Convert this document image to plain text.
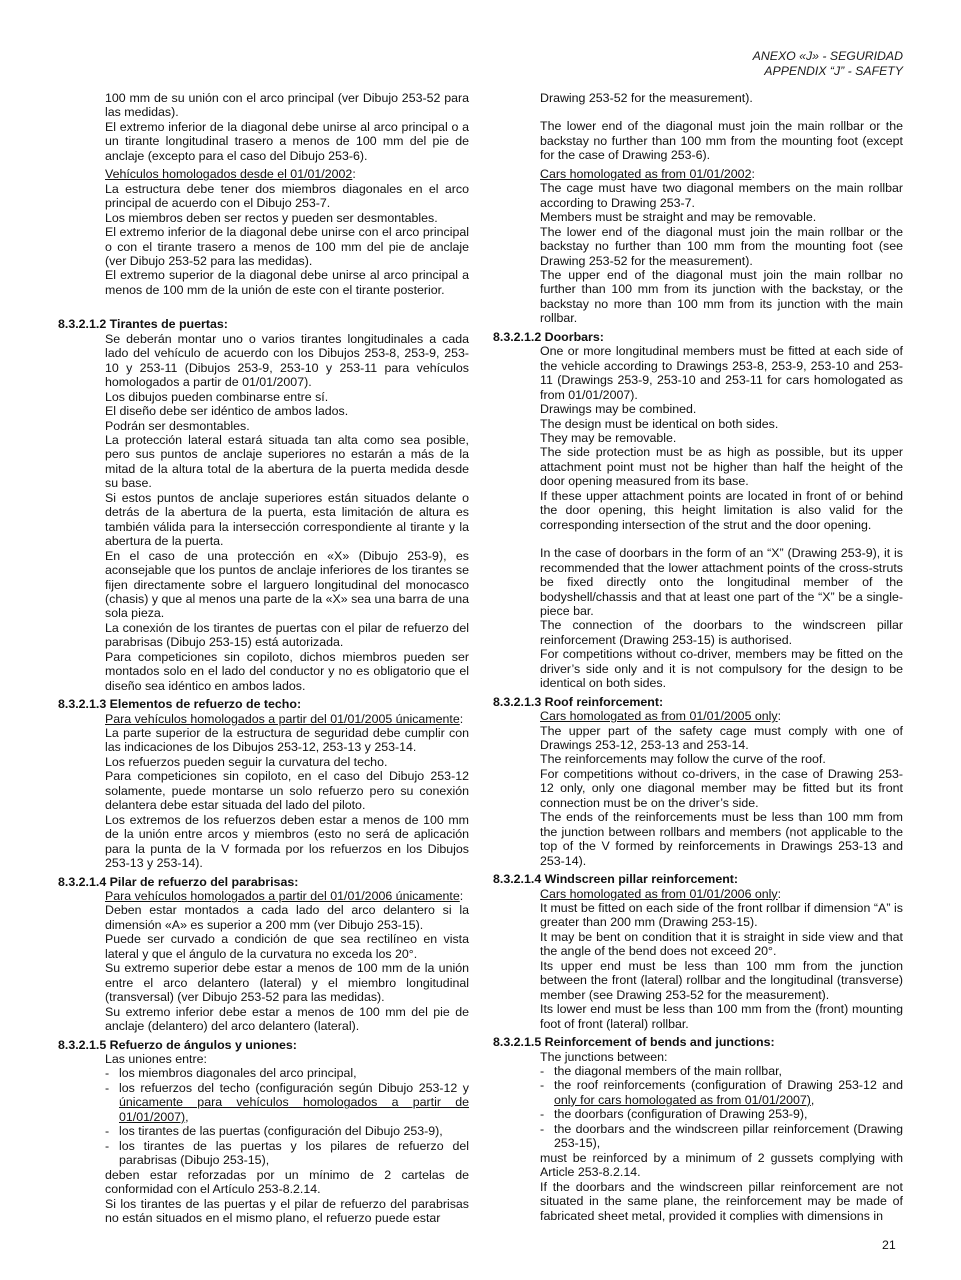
ANEXO «J» - SEGURIDAD
APPENDIX “J” - SAFETY

100 mm de su unión con el arco principal (ver Dibujo 253-52 para las medidas).

El extremo inferior de la diagonal debe unirse al arco principal o a un tirante longitudinal trasero a menos de 100 mm del pie de anclaje (excepto para el caso del Dibujo 253-6).

Vehículos homologados desde el 01/01/2002:

La estructura debe tener dos miembros diagonales en el arco principal de acuerdo con el Dibujo 253-7.

Los miembros deben ser rectos y pueden ser desmontables.

El extremo inferior de la diagonal debe unirse con el arco principal o con el tirante trasero a menos de 100 mm del pie de anclaje (ver Dibujo 253-52 para las medidas).

El extremo superior de la diagonal debe unirse al arco principal a menos de 100 mm de la unión de este con el tirante posterior.

8.3.2.1.2 Tirantes de puertas:

Se deberán montar uno o varios tirantes longitudinales a cada lado del vehículo de acuerdo con los Dibujos 253-8, 253-9, 253-10 y 253-11 (Dibujos 253-9, 253-10 y 253-11 para vehículos homologados a partir de 01/01/2007).

Los dibujos pueden combinarse entre sí.

El diseño debe ser idéntico de ambos lados.

Podrán ser desmontables.

La protección lateral estará situada tan alta como sea posible, pero sus puntos de anclaje superiores no estarán a más de la mitad de la altura total de la abertura de la puerta medida desde su base.

Si estos puntos de anclaje superiores están situados delante o detrás de la abertura de la puerta, esta limitación de altura es también válida para la intersección correspondiente al tirante y la abertura de la puerta.

En el caso de una protección en «X» (Dibujo 253-9), es aconsejable que los puntos de anclaje inferiores de los tirantes se fijen directamente sobre el larguero longitudinal del monocasco (chasis) y que al menos una parte de la «X» sea una barra de una sola pieza.

La conexión de los tirantes de puertas con el pilar de refuerzo del parabrisas (Dibujo 253-15) está autorizada.

Para competiciones sin copiloto, dichos miembros pueden ser montados solo en el lado del conductor y no es obligatorio que el diseño sea idéntico en ambos lados.

8.3.2.1.3 Elementos de refuerzo de techo:

Para vehículos homologados a partir del 01/01/2005 únicamente:

La parte superior de la estructura de seguridad debe cumplir con las indicaciones de los Dibujos 253-12, 253-13 y 253-14.

Los refuerzos pueden seguir la curvatura del techo.

Para competiciones sin copiloto, en el caso del Dibujo 253-12 solamente, puede montarse un solo refuerzo pero su conexión delantera debe estar situada del lado del piloto.

Los extremos de los refuerzos deben estar a menos de 100 mm de la unión entre arcos y miembros (esto no será de aplicación para la punta de la V formada por los refuerzos en los Dibujos 253-13 y 253-14).

8.3.2.1.4 Pilar de refuerzo del parabrisas:

Para vehículos homologados a partir del 01/01/2006 únicamente:

Deben estar montados a cada lado del arco delantero si la dimensión «A» es superior a 200 mm (ver Dibujo 253-15).

Puede ser curvado a condición de que sea rectilíneo en vista lateral y que el ángulo de la curvatura no exceda los 20°.

Su extremo superior debe estar a menos de 100 mm de la unión entre el arco delantero (lateral) y el miembro longitudinal (transversal) (ver Dibujo 253-52 para las medidas).

Su extremo inferior debe estar a menos de 100 mm del pie de anclaje (delantero) del arco delantero (lateral).

8.3.2.1.5 Refuerzo de ángulos y uniones:

Las uniones entre:

- los miembros diagonales del arco principal,

- los refuerzos del techo (configuración según Dibujo 253-12 y únicamente para vehículos homologados a partir de 01/01/2007),

- los tirantes de las puertas (configuración del Dibujo 253-9),

- los tirantes de las puertas y los pilares de refuerzo del parabrisas (Dibujo 253-15),

deben estar reforzadas por un mínimo de 2 cartelas de conformidad con el Artículo 253-8.2.14.

Si los tirantes de las puertas y el pilar de refuerzo del parabrisas no están situados en el mismo plano, el refuerzo puede estar

Drawing 253-52 for the measurement).

The lower end of the diagonal must join the main rollbar or the backstay no further than 100 mm from the mounting foot (except for the case of Drawing 253-6).

Cars homologated as from 01/01/2002:

The cage must have two diagonal members on the main rollbar according to Drawing 253-7.

Members must be straight and may be removable.

The lower end of the diagonal must join the main rollbar or the backstay no further than 100 mm from the mounting foot (see Drawing 253-52 for the measurement).

The upper end of the diagonal must join the main rollbar no further than 100 mm from its junction with the backstay, or the backstay no more than 100 mm from its junction with the main rollbar.

8.3.2.1.2 Doorbars:

One or more longitudinal members must be fitted at each side of the vehicle according to Drawings 253-8, 253-9, 253-10 and 253-11 (Drawings 253-9, 253-10 and 253-11 for cars homologated as from 01/01/2007).

Drawings may be combined.

The design must be identical on both sides.

They may be removable.

The side protection must be as high as possible, but its upper attachment point must not be higher than half the height of the door opening measured from its base.

If these upper attachment points are located in front of or behind the door opening, this height limitation is also valid for the corresponding intersection of the strut and the door opening.

In the case of doorbars in the form of an “X” (Drawing 253-9), it is recommended that the lower attachment points of the cross-struts be fixed directly onto the longitudinal member of the bodyshell/chassis and that at least one part of the “X” be a single-piece bar.

The connection of the doorbars to the windscreen pillar reinforcement (Drawing 253-15) is authorised.

For competitions without co-driver, members may be fitted on the driver’s side only and it is not compulsory for the design to be identical on both sides.

8.3.2.1.3 Roof reinforcement:

Cars homologated as from 01/01/2005 only:

The upper part of the safety cage must comply with one of Drawings 253-12, 253-13 and 253-14.

The reinforcements may follow the curve of the roof.

For competitions without co-drivers, in the case of Drawing 253-12 only, only one diagonal member may be fitted but its front connection must be on the driver’s side.

The ends of the reinforcements must be less than 100 mm from the junction between rollbars and members (not applicable to the top of the V formed by reinforcements in Drawings 253-13 and 253-14).

8.3.2.1.4 Windscreen pillar reinforcement:

Cars homologated as from 01/01/2006 only:

It must be fitted on each side of the front rollbar if dimension “A” is greater than 200 mm (Drawing 253-15).

It may be bent on condition that it is straight in side view and that the angle of the bend does not exceed 20°.

Its upper end must be less than 100 mm from the junction between the front (lateral) rollbar and the longitudinal (transverse) member (see Drawing 253-52 for the measurement).

Its lower end must be less than 100 mm from the (front) mounting foot of front (lateral) rollbar.

8.3.2.1.5 Reinforcement of bends and junctions:

The junctions between:

- the diagonal members of the main rollbar,

- the roof reinforcements (configuration of Drawing 253-12 and only for cars homologated as from 01/01/2007),

- the doorbars (configuration of Drawing 253-9),

- the doorbars and the windscreen pillar reinforcement (Drawing 253-15),

must be reinforced by a minimum of 2 gussets complying with Article 253-8.2.14.

If the doorbars and the windscreen pillar reinforcement are not situated in the same plane, the reinforcement may be made of fabricated sheet metal, provided it complies with dimensions in

21
